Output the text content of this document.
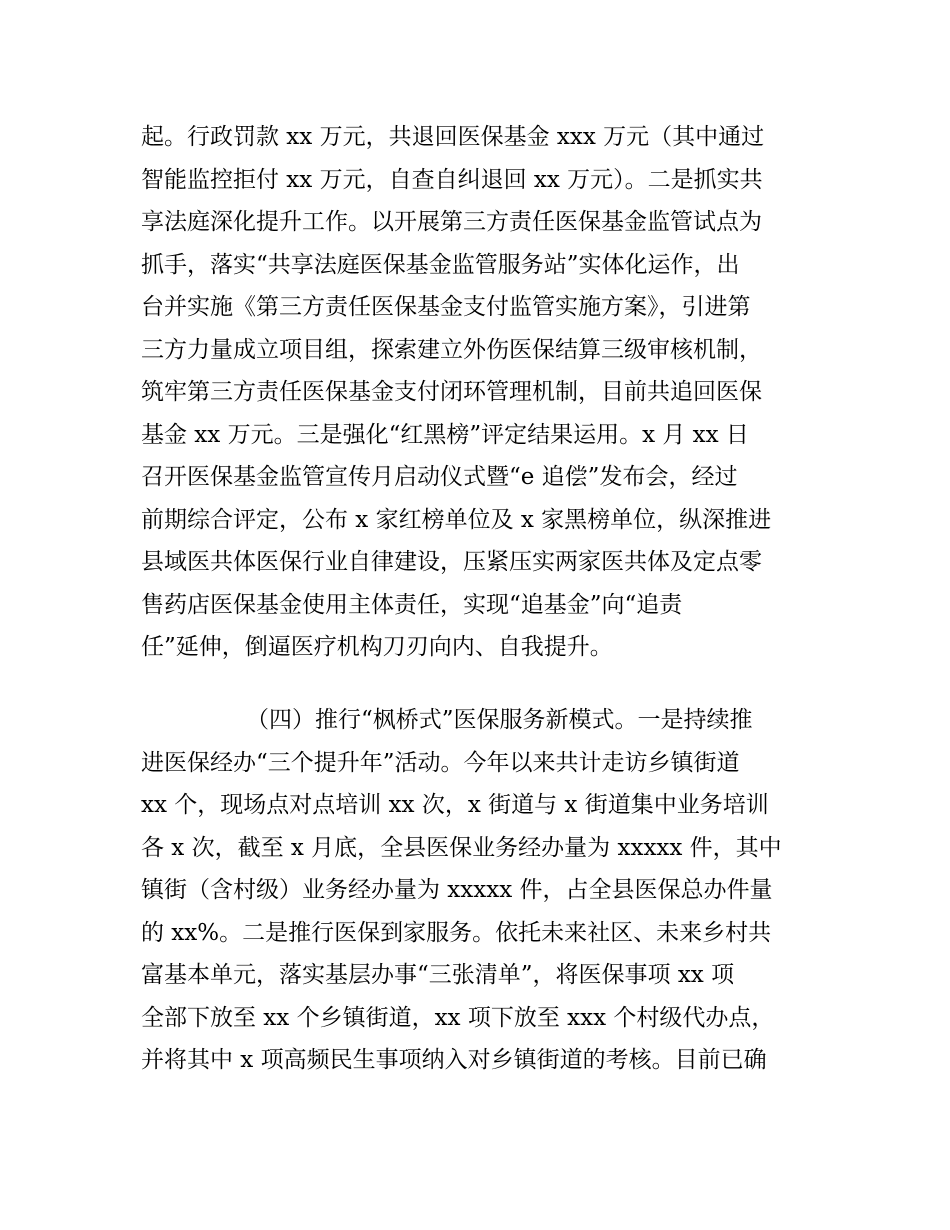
起。行政罚款 xx 万元，共退回医保基金 xxx 万元（其中通过
智能监控拒付 xx 万元，自查自纠退回 xx 万元）。二是抓实共
享法庭深化提升工作。以开展第三方责任医保基金监管试点为
抓手，落实“共享法庭医保基金监管服务站”实体化运作，出
台并实施《第三方责任医保基金支付监管实施方案》，引进第
三方力量成立项目组，探索建立外伤医保结算三级审核机制，
筑牢第三方责任医保基金支付闭环管理机制，目前共追回医保
基金 xx 万元。三是强化“红黑榜”评定结果运用。x 月 xx 日
召开医保基金监管宣传月启动仪式暨“e 追偿”发布会，经过
前期综合评定，公布 x 家红榜单位及 x 家黑榜单位，纵深推进
县域医共体医保行业自律建设，压紧压实两家医共体及定点零
售药店医保基金使用主体责任，实现“追基金”向“追责
任”延伸，倒逼医疗机构刀刃向内、自我提升。
（四）推行“枫桥式”医保服务新模式。一是持续推
进医保经办“三个提升年”活动。今年以来共计走访乡镇街道
xx 个，现场点对点培训 xx 次，x 街道与 x 街道集中业务培训
各 x 次，截至 x 月底，全县医保业务经办量为 xxxxx 件，其中
镇街（含村级）业务经办量为 xxxxx 件，占全县医保总办件量
的 xx%。二是推行医保到家服务。依托未来社区、未来乡村共
富基本单元，落实基层办事“三张清单”，将医保事项 xx 项
全部下放至 xx 个乡镇街道，xx 项下放至 xxx 个村级代办点，
并将其中 x 项高频民生事项纳入对乡镇街道的考核。目前已确
